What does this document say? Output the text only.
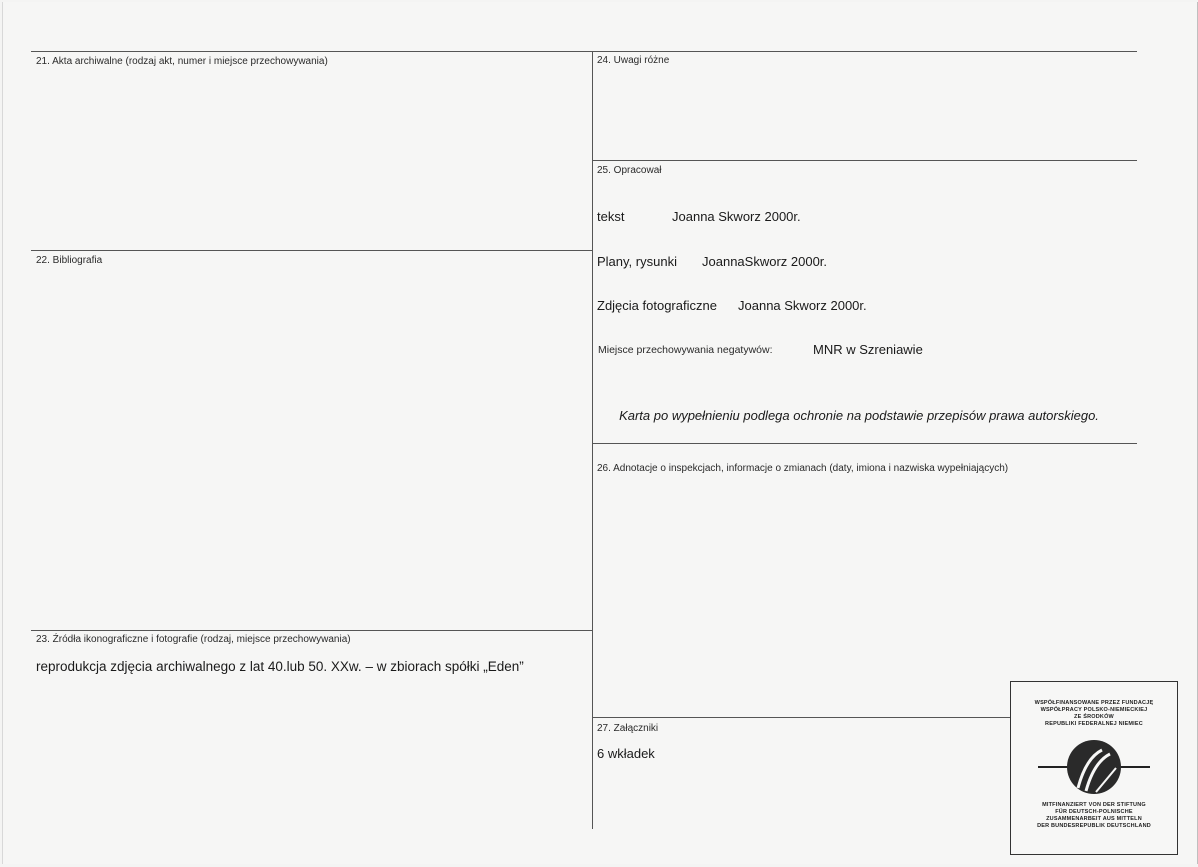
21. Akta archiwalne (rodzaj akt, numer i miejsce przechowywania)
22. Bibliografia
23. Źródła ikonograficzne i fotografie (rodzaj, miejsce przechowywania)
reprodukcja zdjęcia archiwalnego z lat 40.lub 50. XXw. – w zbiorach spółki „Eden”
24. Uwagi różne
25. Opracował
tekst	Joanna Skworz 2000r.
Plany, rysunki JoannaSkworz 2000r.
Zdjęcia fotograficzne Joanna Skworz 2000r.
Miejsce przechowywania negatywów:	MNR w Szreniawie
Karta po wypełnieniu podlega ochronie na podstawie przepisów prawa autorskiego.
26. Adnotacje o inspekcjach, informacje o zmianach (daty, imiona i nazwiska wypełniających)
27. Załączniki
6 wkładek
WSPÓŁFINANSOWANE PRZEZ FUNDACJĘ
WSPÓŁPRACY POLSKO-NIEMIECKIEJ
ZE ŚRODKÓW
REPUBLIKI FEDERALNEJ NIEMIEC
MITFINANZIERT VON DER STIFTUNG
FÜR DEUTSCH-POLNISCHE
ZUSAMMENARBEIT AUS MITTELN
DER BUNDESREPUBLIK DEUTSCHLAND
